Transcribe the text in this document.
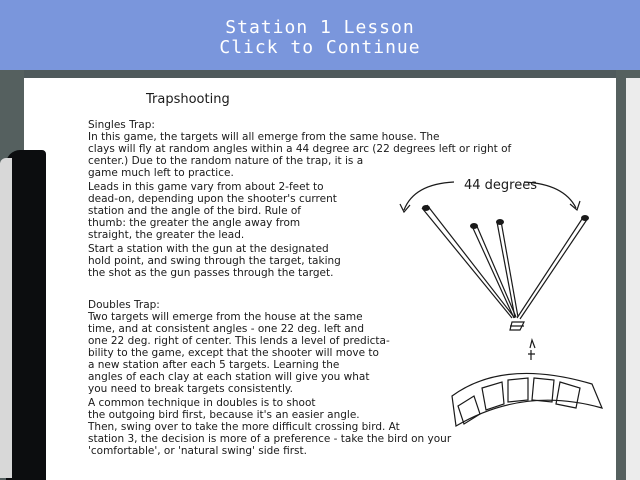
Station 1 Lesson
Click to Continue
Trapshooting

Singles Trap:

In this game, the targets will all emerge from the same house. The

clays will fly at random angles within a 44 degree arc (22 degrees left or right of

center.) Due to the random nature of the trap, it is a

game much left to practice.

Leads in this game vary from about 2-feet to

dead-on, depending upon the shooter's current

station and the angle of the bird. Rule of

thumb: the greater the angle away from

straight, the greater the lead.

Start a station with the gun at the designated

hold point, and swing through the target, taking

the shot as the gun passes through the target.

Doubles Trap:

Two targets will emerge from the house at the same

time, and at consistent angles - one 22 deg. left and

one 22 deg. right of center. This lends a level of predicta-

bility to the game, except that the shooter will move to

a new station after each 5 targets. Learning the

angles of each clay at each station will give you what

you need to break targets consistently.

A common technique in doubles is to shoot

the outgoing bird first, because it's an easier angle.

Then, swing over to take the more difficult crossing bird. At

station 3, the decision is more of a preference - take the bird on your

'comfortable', or 'natural swing' side first.

44 degrees
